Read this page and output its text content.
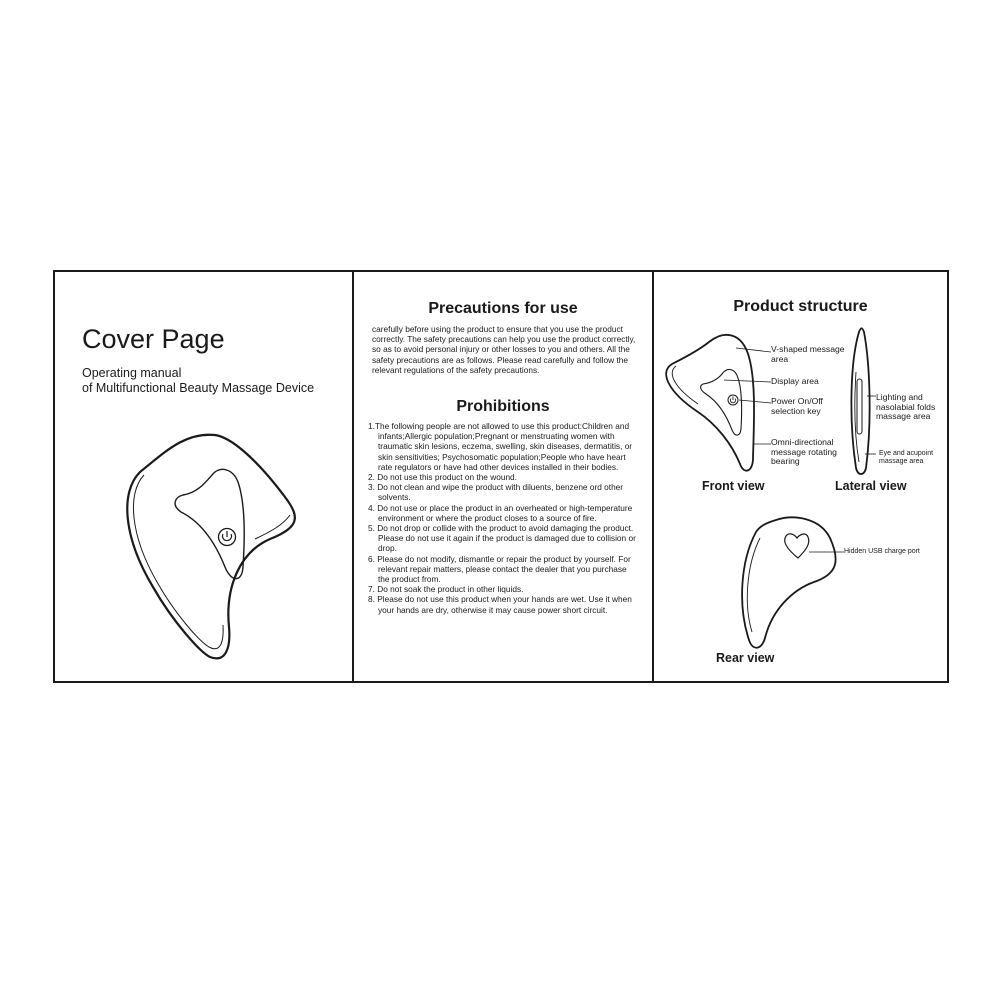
Cover Page

Operating manual
of Multifunctional Beauty Massage Device

Precautions for use

carefully before using the product to ensure that you use the product correctly. The safety precautions can help you use the product correctly, so as to avoid personal injury or other losses to you and others. All the safety precautions are as follows. Please read carefully and follow the relevant regulations of the safety precautions.

Prohibitions
1.The following people are not allowed to use this product:Children and infants;Allergic population;Pregnant or menstruating women with traumatic skin lesions, eczema, swelling, skin diseases, dermatitis, or skin sensitivities; Psychosomatic population;People who have heart rate regulators or have had other devices installed in their bodies.
2. Do not use this product on the wound.
3. Do not clean and wipe the product with diluents, benzene ord other solvents.
4. Do not use or place the product in an overheated or high-temperature environment or where the product closes to a source of fire.
5. Do not drop or collide with the product to avoid damaging the product. Please do not use it again if the product is damaged due to collision or drop.
6. Please do not modify, dismantle or repair the product by yourself. For relevant repair matters, please contact the dealer that you purchase the product from.
7. Do not soak the product in other liquids.
8. Please do not use this product when your hands are wet. Use it when your hands are dry, otherwise it may cause power short circuit.
Product structure

V-shaped message area

Display area

Power On/Off selection key

Omni-directional message rotating bearing

Lighting and nasolabial folds massage area

Eye and acupoint massage area

Hidden USB charge port

Front view	Lateral view

Rear view
